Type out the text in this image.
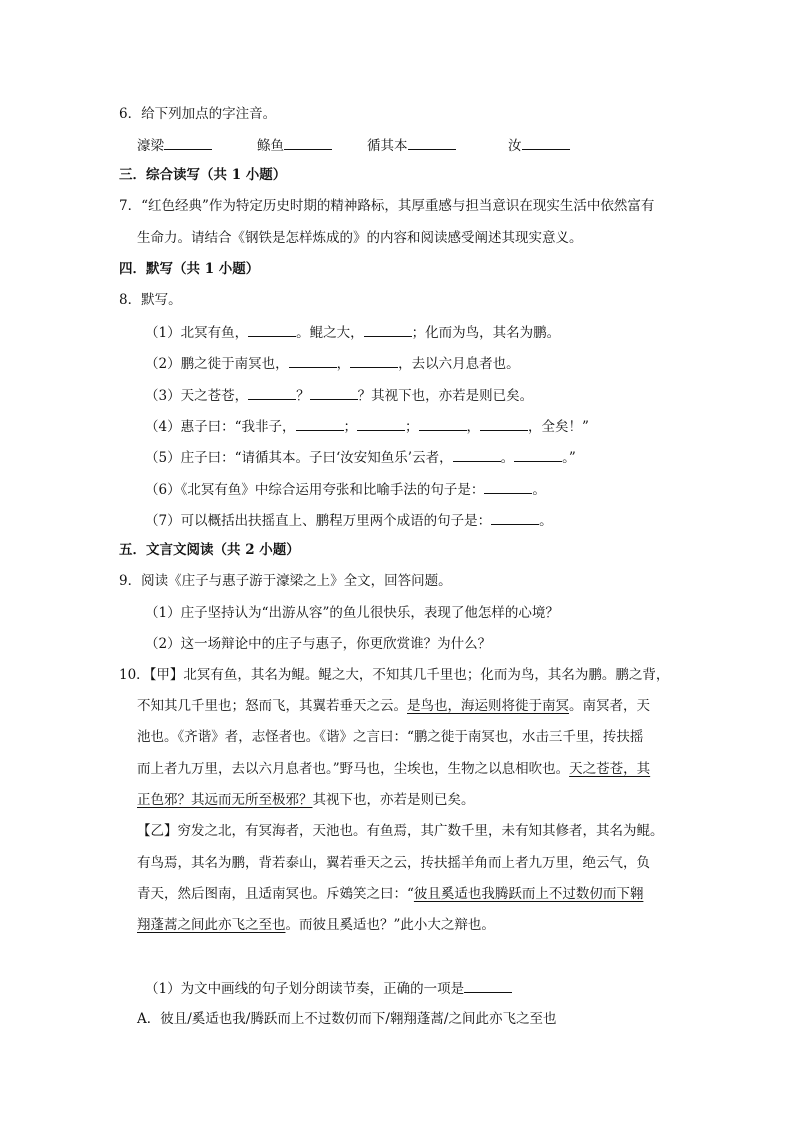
6．给下列加点的字注音。
濠梁	鲦鱼	循其本	汝
三．综合读写（共 1 小题）
7．“红色经典”作为特定历史时期的精神路标，其厚重感与担当意识在现实生活中依然富有
生命力。请结合《钢铁是怎样炼成的》的内容和阅读感受阐述其现实意义。
四．默写（共 1 小题）
8．默写。
（1）北冥有鱼，	。鲲之大，	；化而为鸟，其名为鹏。
（2）鹏之徙于南冥也，	，	，去以六月息者也。
（3）天之苍苍，	？	？其视下也，亦若是则已矣。
（4）惠子曰：“我非子，	；	；	，	，全矣！”
（5）庄子曰：“请循其本。子曰‘汝安知鱼乐’云者，	。	。”
（6）《北冥有鱼》中综合运用夸张和比喻手法的句子是：	。
（7）可以概括出扶摇直上、鹏程万里两个成语的句子是：	。
五．文言文阅读（共 2 小题）
9．阅读《庄子与惠子游于濠梁之上》全文，回答问题。
（1）庄子坚持认为“出游从容”的鱼儿很快乐，表现了他怎样的心境？
（2）这一场辩论中的庄子与惠子，你更欣赏谁？为什么？
10．【甲】北冥有鱼，其名为鲲。鲲之大，不知其几千里也；化而为鸟，其名为鹏。鹏之背，
不知其几千里也；怒而飞，其翼若垂天之云。是鸟也，海运则将徙于南冥。南冥者，天
池也。《齐谐》者，志怪者也。《谐》之言曰：“鹏之徙于南冥也，水击三千里，抟扶摇
而上者九万里，去以六月息者也。”野马也，尘埃也，生物之以息相吹也。天之苍苍，其
正色邪？其远而无所至极邪？其视下也，亦若是则已矣。
【乙】穷发之北，有冥海者，天池也。有鱼焉，其广数千里，未有知其修者，其名为鲲。
有鸟焉，其名为鹏，背若泰山，翼若垂天之云，抟扶摇羊角而上者九万里，绝云气，负
青天，然后图南，且适南冥也。斥鴳笑之曰：“彼且奚适也我腾跃而上不过数仞而下翱
翔蓬蒿之间此亦飞之至也。而彼且奚适也？”此小大之辩也。
（1）为文中画线的句子划分朗读节奏，正确的一项是
A．彼且/奚适也我/腾跃而上不过数仞而下/翱翔蓬蒿/之间此亦飞之至也
